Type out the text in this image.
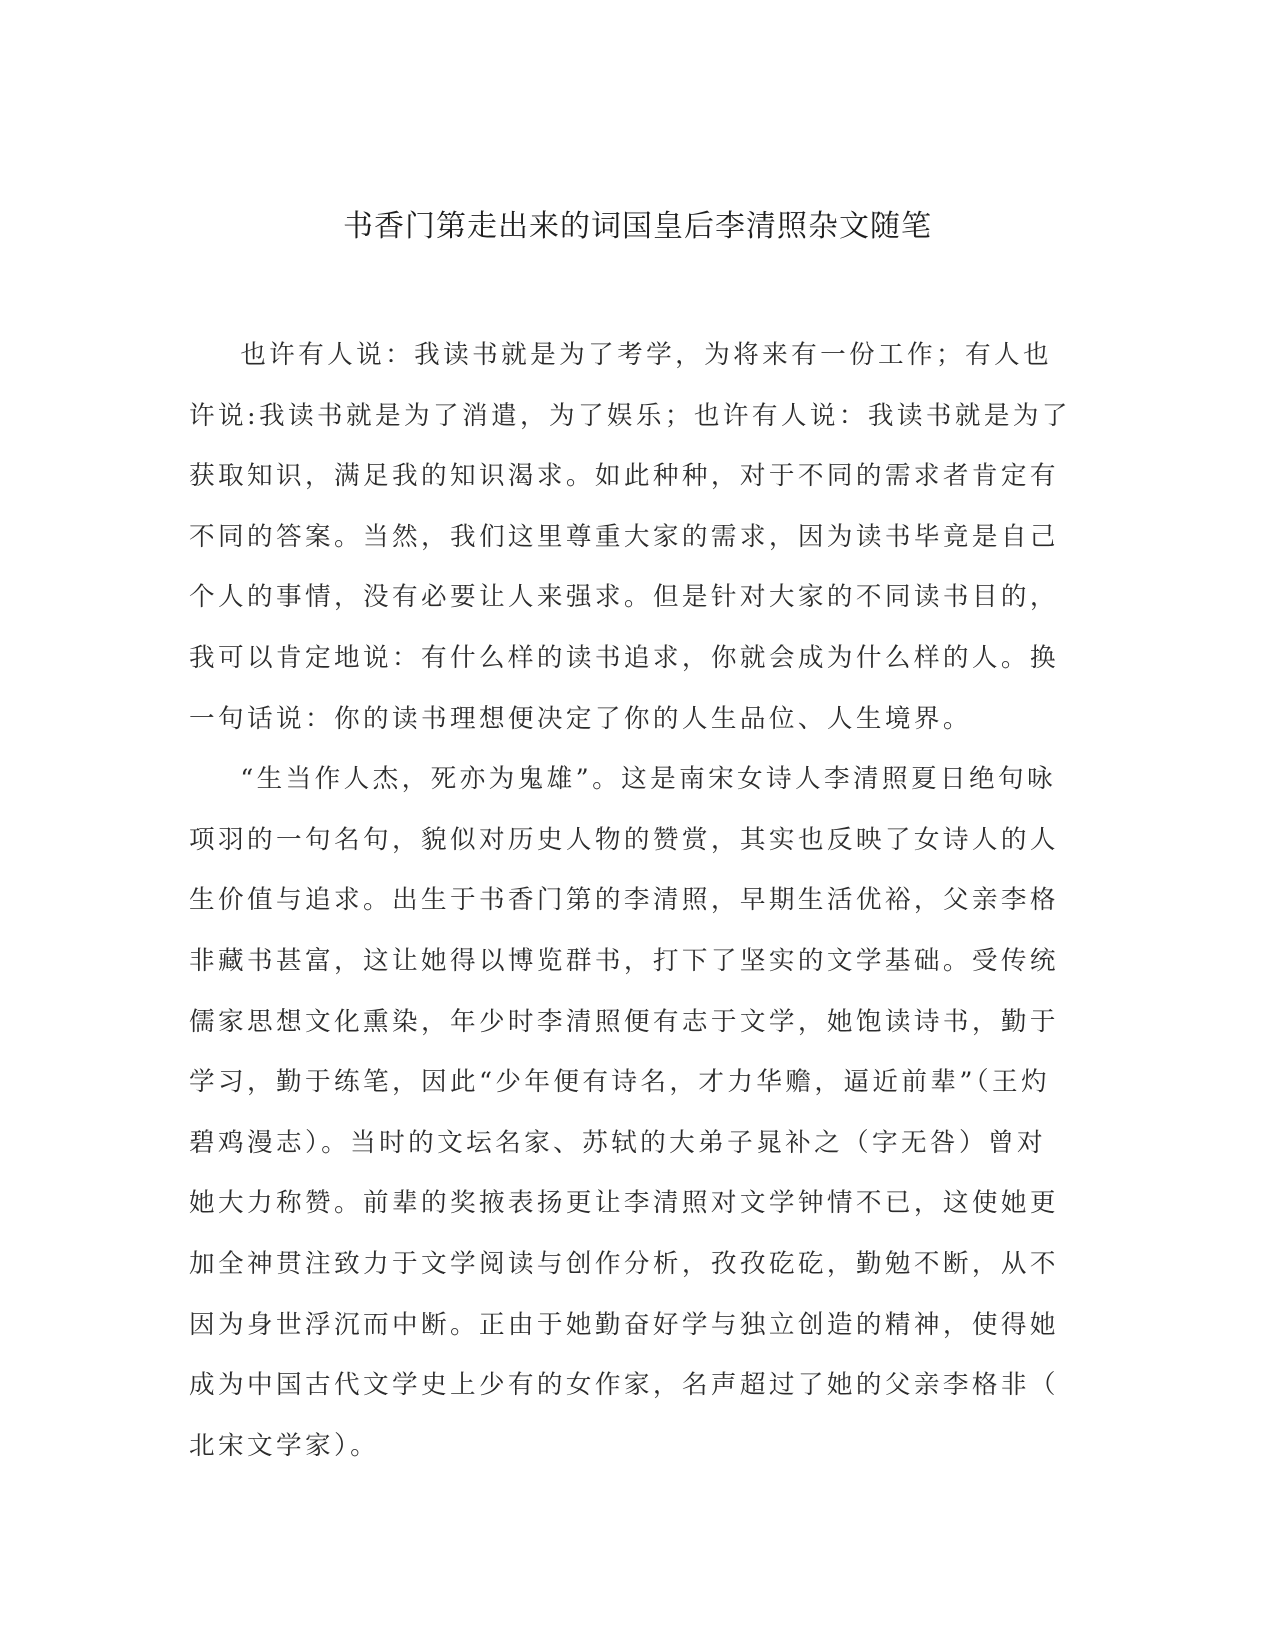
书香门第走出来的词国皇后李清照杂文随笔

也许有人说：我读书就是为了考学，为将来有一份工作；有人也
许说:我读书就是为了消遣，为了娱乐；也许有人说：我读书就是为了
获取知识，满足我的知识渴求。如此种种，对于不同的需求者肯定有
不同的答案。当然，我们这里尊重大家的需求，因为读书毕竟是自己
个人的事情，没有必要让人来强求。但是针对大家的不同读书目的，
我可以肯定地说：有什么样的读书追求，你就会成为什么样的人。换
一句话说：你的读书理想便决定了你的人生品位、人生境界。

“生当作人杰，死亦为鬼雄”。这是南宋女诗人李清照夏日绝句咏
项羽的一句名句，貌似对历史人物的赞赏，其实也反映了女诗人的人
生价值与追求。出生于书香门第的李清照，早期生活优裕，父亲李格
非藏书甚富，这让她得以博览群书，打下了坚实的文学基础。受传统
儒家思想文化熏染，年少时李清照便有志于文学，她饱读诗书，勤于
学习，勤于练笔，因此“少年便有诗名，才力华赡，逼近前辈”（王灼
碧鸡漫志）。当时的文坛名家、苏轼的大弟子晁补之（字无咎）曾对
她大力称赞。前辈的奖掖表扬更让李清照对文学钟情不已，这使她更
加全神贯注致力于文学阅读与创作分析，孜孜矻矻，勤勉不断，从不
因为身世浮沉而中断。正由于她勤奋好学与独立创造的精神，使得她
成为中国古代文学史上少有的女作家，名声超过了她的父亲李格非（
北宋文学家）。
